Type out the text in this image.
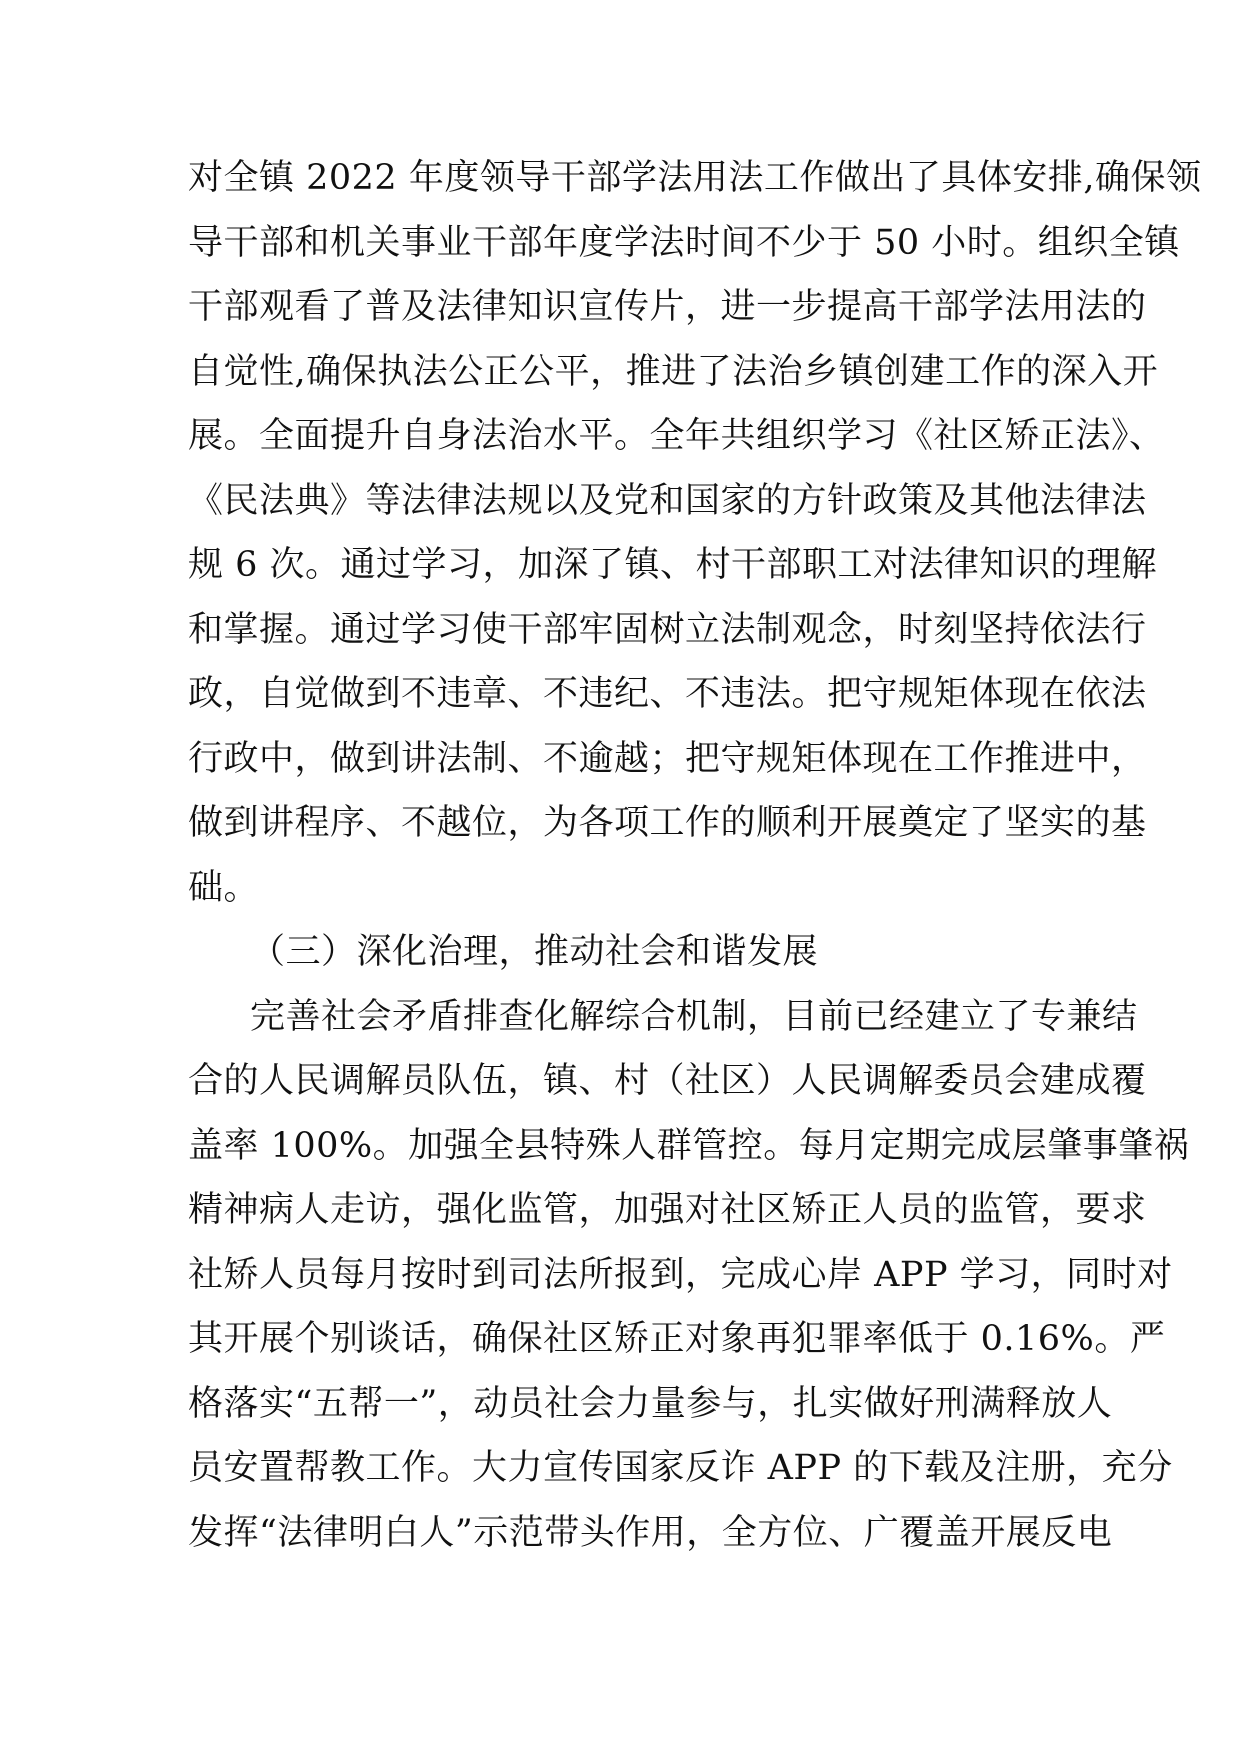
对全镇 2022 年度领导干部学法用法工作做出了具体安排,确保领
导干部和机关事业干部年度学法时间不少于 50 小时。组织全镇
干部观看了普及法律知识宣传片，进一步提高干部学法用法的
自觉性,确保执法公正公平，推进了法治乡镇创建工作的深入开
展。全面提升自身法治水平。全年共组织学习《社区矫正法》、
《民法典》等法律法规以及党和国家的方针政策及其他法律法
规 6 次。通过学习，加深了镇、村干部职工对法律知识的理解
和掌握。通过学习使干部牢固树立法制观念，时刻坚持依法行
政，自觉做到不违章、不违纪、不违法。把守规矩体现在依法
行政中，做到讲法制、不逾越；把守规矩体现在工作推进中，
做到讲程序、不越位，为各项工作的顺利开展奠定了坚实的基
础。
（三）深化治理，推动社会和谐发展
完善社会矛盾排查化解综合机制，目前已经建立了专兼结
合的人民调解员队伍，镇、村（社区）人民调解委员会建成覆
盖率 100%。加强全县特殊人群管控。每月定期完成层肇事肇祸
精神病人走访，强化监管，加强对社区矫正人员的监管，要求
社矫人员每月按时到司法所报到，完成心岸 APP 学习，同时对
其开展个别谈话，确保社区矫正对象再犯罪率低于 0.16%。严
格落实“五帮一”，动员社会力量参与，扎实做好刑满释放人
员安置帮教工作。大力宣传国家反诈 APP 的下载及注册，充分
发挥“法律明白人”示范带头作用，全方位、广覆盖开展反电
